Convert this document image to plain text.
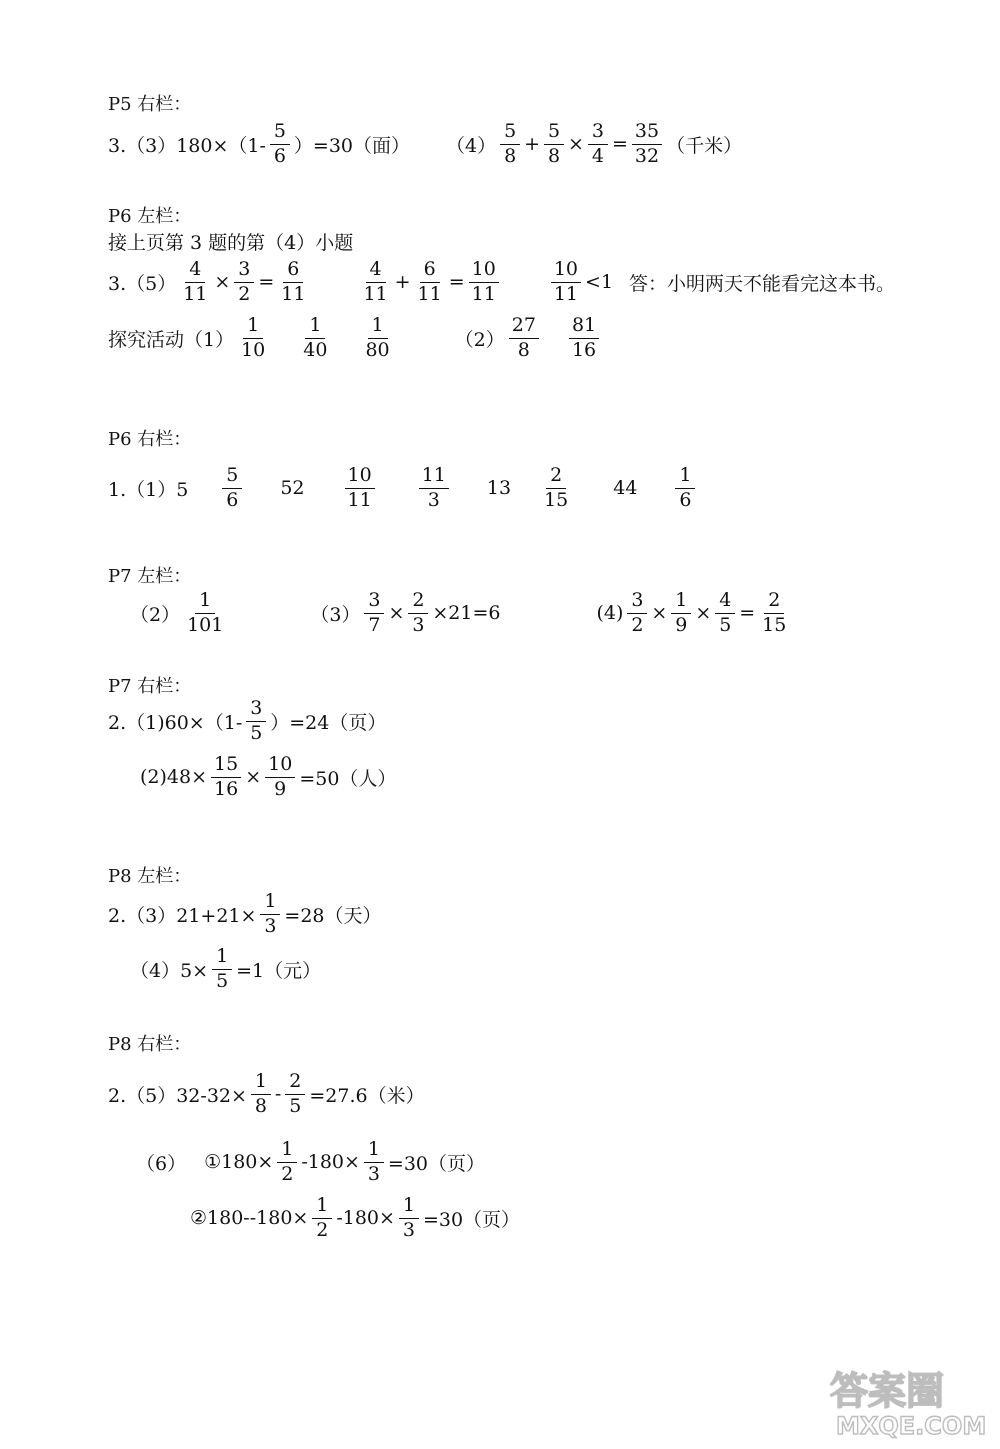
P5 右栏：
3.（3）180×（1-
5
6 ）=30（面） （4）
5
8
+ $\frac{5}{8} \times \frac{3}{4} = \frac{35}{32}$ （千米）
P6 左栏：
接上页第 3 题的第（4）小题
$3.(5) \frac{4}{11} \times \frac{3}{2} = \frac{6}{11}$	4
11
+ $\frac{6}{11} = \frac{10}{11}$	10
11
<1 答：小明两天不能看完这本书。
探究活动（1）
1
10
1
40
1
80	（2）
27
8
81
16
P6 右栏：
1.（1）5
5
6
52
10
11
11
3
13
2
15
44
1
6
P7 左栏：
（2）
1
101	$(3) \frac{3}{7} \times \frac{2}{3} \times 21=6$	$(4) \frac{3}{2} \times \frac{1}{9} \times \frac{4}{5} = \frac{2}{15}$
P7 右栏：
2.（1)60×（1-
3
5 ）=24（页）
$(2)48\times \frac{15}{16} \times \frac{10}{9} =50$（人）
P8 左栏：
$2.(3)21+21\times \frac{1}{3} =28$（天）
$(4)5\times \frac{1}{5} =1$（元）
P8 右栏：
$2.(5)32-32\times \frac{1}{8} - \frac{2}{5} =27.6$（米）
（6） ①180× $\frac{1}{2} -180\times \frac{1}{3} =30$（页）
②180--180× $\frac{1}{2} -180\times \frac{1}{3} =30$（页）
答案圈
MXQE.COM
